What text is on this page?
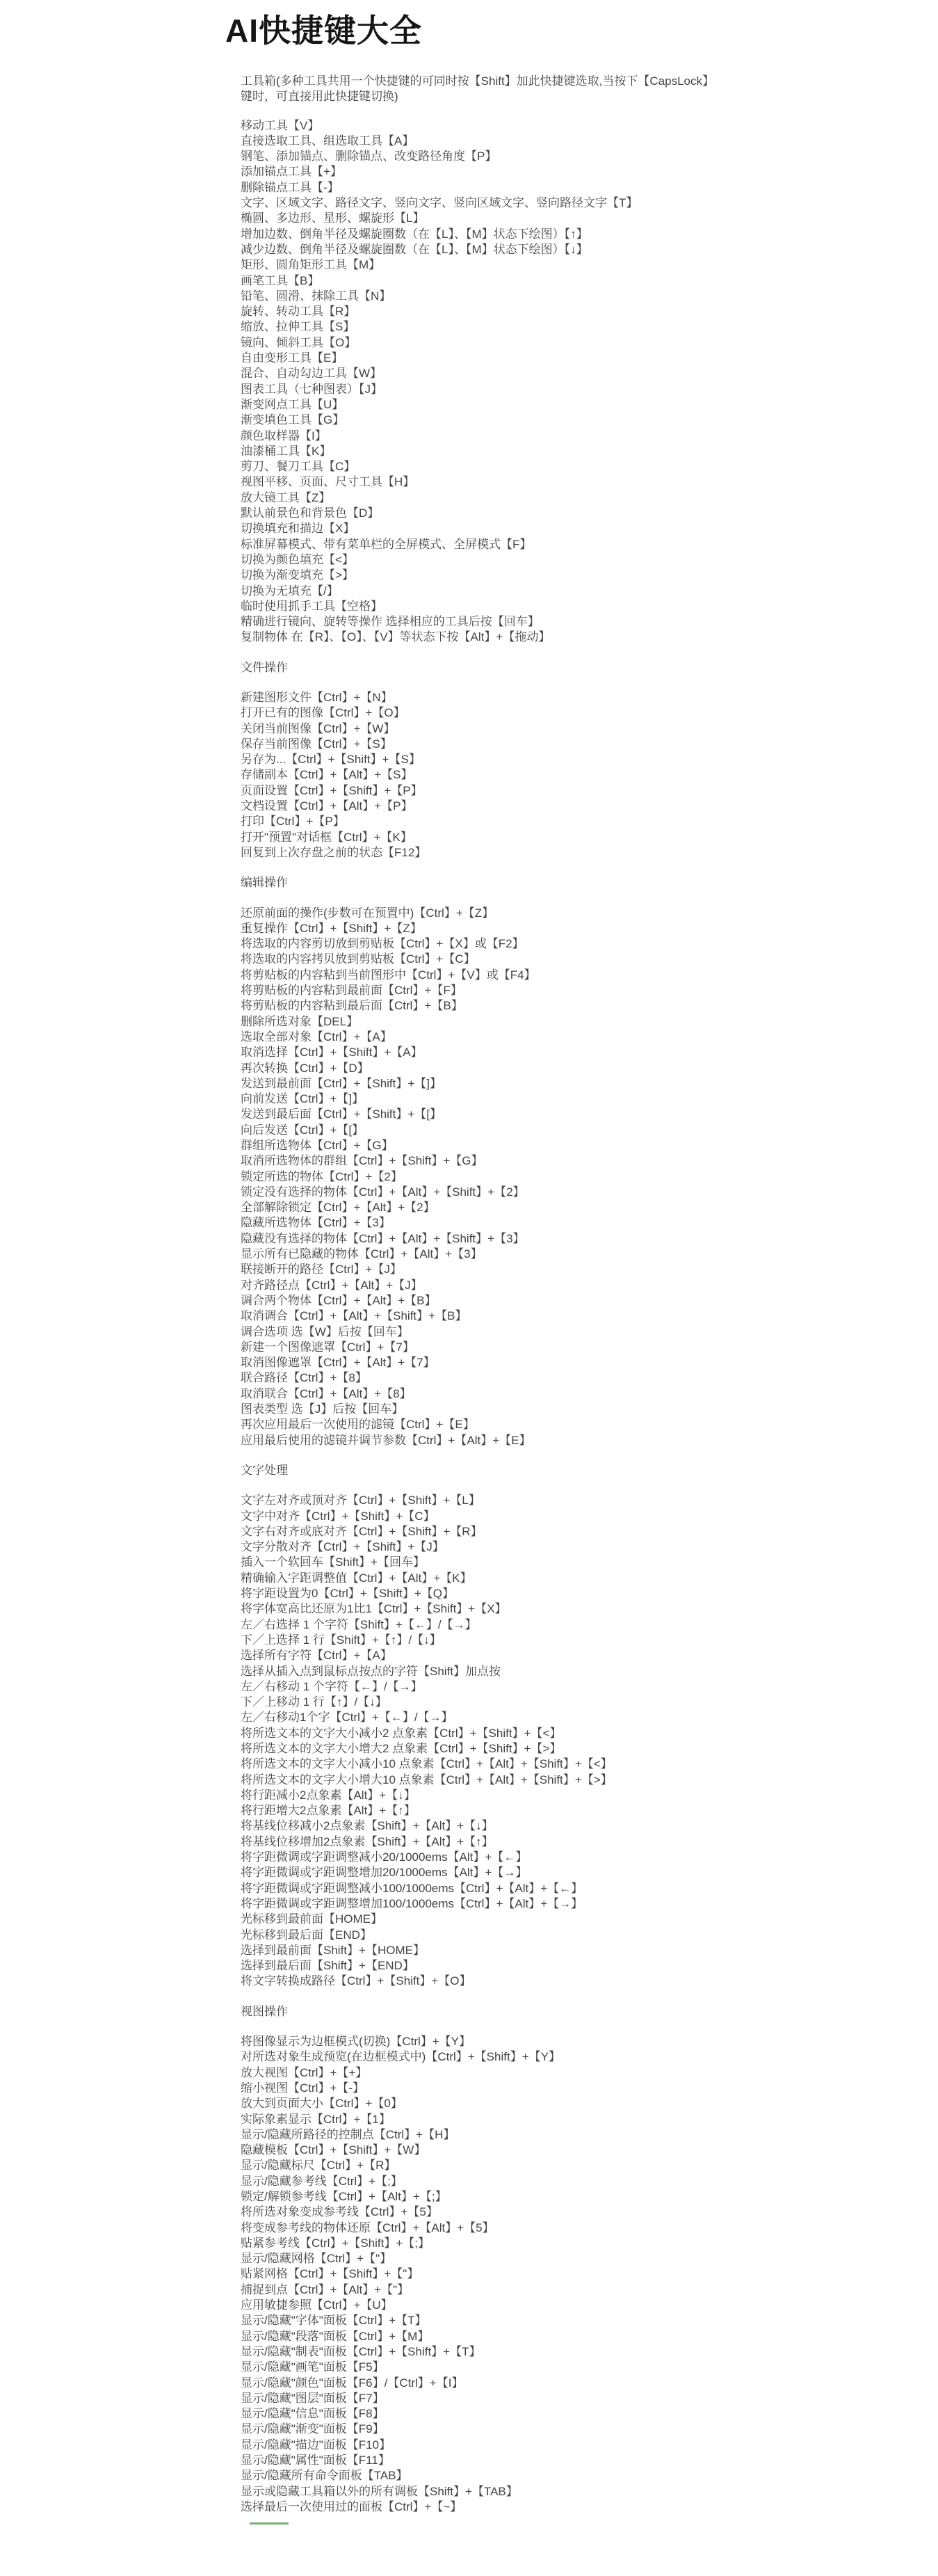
AI快捷键大全

工具箱(多种工具共用一个快捷键的可同时按【Shift】加此快捷键选取,当按下【CapsLock】键时，可直接用此快捷键切换)

移动工具【V】
直接选取工具、组选取工具【A】
钢笔、添加锚点、删除锚点、改变路径角度【P】
添加锚点工具【+】
删除锚点工具【-】
文字、区域文字、路径文字、竖向文字、竖向区域文字、竖向路径文字【T】
椭圆、多边形、星形、螺旋形【L】
增加边数、倒角半径及螺旋圈数（在【L】、【M】状态下绘图）【↑】
减少边数、倒角半径及螺旋圈数（在【L】、【M】状态下绘图）【↓】
矩形、圆角矩形工具【M】
画笔工具【B】
铅笔、圆滑、抹除工具【N】
旋转、转动工具【R】
缩放、拉伸工具【S】
镜向、倾斜工具【O】
自由变形工具【E】
混合、自动勾边工具【W】
图表工具（七种图表）【J】
渐变网点工具【U】
渐变填色工具【G】
颜色取样器【I】
油漆桶工具【K】
剪刀、餐刀工具【C】
视图平移、页面、尺寸工具【H】
放大镜工具【Z】
默认前景色和背景色【D】
切换填充和描边【X】
标准屏幕模式、带有菜单栏的全屏模式、全屏模式【F】
切换为颜色填充【<】
切换为渐变填充【>】
切换为无填充【/】
临时使用抓手工具【空格】
精确进行镜向、旋转等操作 选择相应的工具后按【回车】
复制物体 在【R】、【O】、【V】等状态下按【Alt】+【拖动】
文件操作
新建图形文件【Ctrl】+【N】
打开已有的图像【Ctrl】+【O】
关闭当前图像【Ctrl】+【W】
保存当前图像【Ctrl】+【S】
另存为...【Ctrl】+【Shift】+【S】
存储副本【Ctrl】+【Alt】+【S】
页面设置【Ctrl】+【Shift】+【P】
文档设置【Ctrl】+【Alt】+【P】
打印【Ctrl】+【P】
打开"预置"对话框【Ctrl】+【K】
回复到上次存盘之前的状态【F12】
编辑操作
还原前面的操作(步数可在预置中)【Ctrl】+【Z】
重复操作【Ctrl】+【Shift】+【Z】
将选取的内容剪切放到剪贴板【Ctrl】+【X】或【F2】
将选取的内容拷贝放到剪贴板【Ctrl】+【C】
将剪贴板的内容粘到当前图形中【Ctrl】+【V】或【F4】
将剪贴板的内容粘到最前面【Ctrl】+【F】
将剪贴板的内容粘到最后面【Ctrl】+【B】
删除所选对象【DEL】
选取全部对象【Ctrl】+【A】
取消选择【Ctrl】+【Shift】+【A】
再次转换【Ctrl】+【D】
发送到最前面【Ctrl】+【Shift】+【]】
向前发送【Ctrl】+【]】
发送到最后面【Ctrl】+【Shift】+【[】
向后发送【Ctrl】+【[】
群组所选物体【Ctrl】+【G】
取消所选物体的群组【Ctrl】+【Shift】+【G】
锁定所选的物体【Ctrl】+【2】
锁定没有选择的物体【Ctrl】+【Alt】+【Shift】+【2】
全部解除锁定【Ctrl】+【Alt】+【2】
隐藏所选物体【Ctrl】+【3】
隐藏没有选择的物体【Ctrl】+【Alt】+【Shift】+【3】
显示所有已隐藏的物体【Ctrl】+【Alt】+【3】
联接断开的路径【Ctrl】+【J】
对齐路径点【Ctrl】+【Alt】+【J】
调合两个物体【Ctrl】+【Alt】+【B】
取消调合【Ctrl】+【Alt】+【Shift】+【B】
调合选项 选【W】后按【回车】
新建一个图像遮罩【Ctrl】+【7】
取消图像遮罩【Ctrl】+【Alt】+【7】
联合路径【Ctrl】+【8】
取消联合【Ctrl】+【Alt】+【8】
图表类型 选【J】后按【回车】
再次应用最后一次使用的滤镜【Ctrl】+【E】
应用最后使用的滤镜并调节参数【Ctrl】+【Alt】+【E】
文字处理
文字左对齐或顶对齐【Ctrl】+【Shift】+【L】
文字中对齐【Ctrl】+【Shift】+【C】
文字右对齐或底对齐【Ctrl】+【Shift】+【R】
文字分散对齐【Ctrl】+【Shift】+【J】
插入一个软回车【Shift】+【回车】
精确输入字距调整值【Ctrl】+【Alt】+【K】
将字距设置为0【Ctrl】+【Shift】+【Q】
将字体宽高比还原为1比1【Ctrl】+【Shift】+【X】
左／右选择 1 个字符【Shift】+【←】/【→】
下／上选择 1 行【Shift】+【↑】/【↓】
选择所有字符【Ctrl】+【A】
选择从插入点到鼠标点按点的字符【Shift】加点按
左／右移动 1 个字符【←】/【→】
下／上移动 1 行【↑】/【↓】
左／右移动1个字【Ctrl】+【←】/【→】
将所选文本的文字大小减小2 点象素【Ctrl】+【Shift】+【<】
将所选文本的文字大小增大2 点象素【Ctrl】+【Shift】+【>】
将所选文本的文字大小减小10 点象素【Ctrl】+【Alt】+【Shift】+【<】
将所选文本的文字大小增大10 点象素【Ctrl】+【Alt】+【Shift】+【>】
将行距减小2点象素【Alt】+【↓】
将行距增大2点象素【Alt】+【↑】
将基线位移减小2点象素【Shift】+【Alt】+【↓】
将基线位移增加2点象素【Shift】+【Alt】+【↑】
将字距微调或字距调整减小20/1000ems【Alt】+【←】
将字距微调或字距调整增加20/1000ems【Alt】+【→】
将字距微调或字距调整减小100/1000ems【Ctrl】+【Alt】+【←】
将字距微调或字距调整增加100/1000ems【Ctrl】+【Alt】+【→】
光标移到最前面【HOME】
光标移到最后面【END】
选择到最前面【Shift】+【HOME】
选择到最后面【Shift】+【END】
将文字转换成路径【Ctrl】+【Shift】+【O】
视图操作
将图像显示为边框模式(切换)【Ctrl】+【Y】
对所选对象生成预览(在边框模式中)【Ctrl】+【Shift】+【Y】
放大视图【Ctrl】+【+】
缩小视图【Ctrl】+【-】
放大到页面大小【Ctrl】+【0】
实际象素显示【Ctrl】+【1】
显示/隐藏所路径的控制点【Ctrl】+【H】
隐藏模板【Ctrl】+【Shift】+【W】
显示/隐藏标尺【Ctrl】+【R】
显示/隐藏参考线【Ctrl】+【;】
锁定/解锁参考线【Ctrl】+【Alt】+【;】
将所选对象变成参考线【Ctrl】+【5】
将变成参考线的物体还原【Ctrl】+【Alt】+【5】
贴紧参考线【Ctrl】+【Shift】+【;】
显示/隐藏网格【Ctrl】+【"】
贴紧网格【Ctrl】+【Shift】+【"】
捕捉到点【Ctrl】+【Alt】+【"】
应用敏捷参照【Ctrl】+【U】
显示/隐藏"字体"面板【Ctrl】+【T】
显示/隐藏"段落"面板【Ctrl】+【M】
显示/隐藏"制表"面板【Ctrl】+【Shift】+【T】
显示/隐藏"画笔"面板【F5】
显示/隐藏"颜色"面板【F6】/【Ctrl】+【I】
显示/隐藏"图层"面板【F7】
显示/隐藏"信息"面板【F8】
显示/隐藏"渐变"面板【F9】
显示/隐藏"描边"面板【F10】
显示/隐藏"属性"面板【F11】
显示/隐藏所有命令面板【TAB】
显示或隐藏工具箱以外的所有调板【Shift】+【TAB】
选择最后一次使用过的面板【Ctrl】+【~】
